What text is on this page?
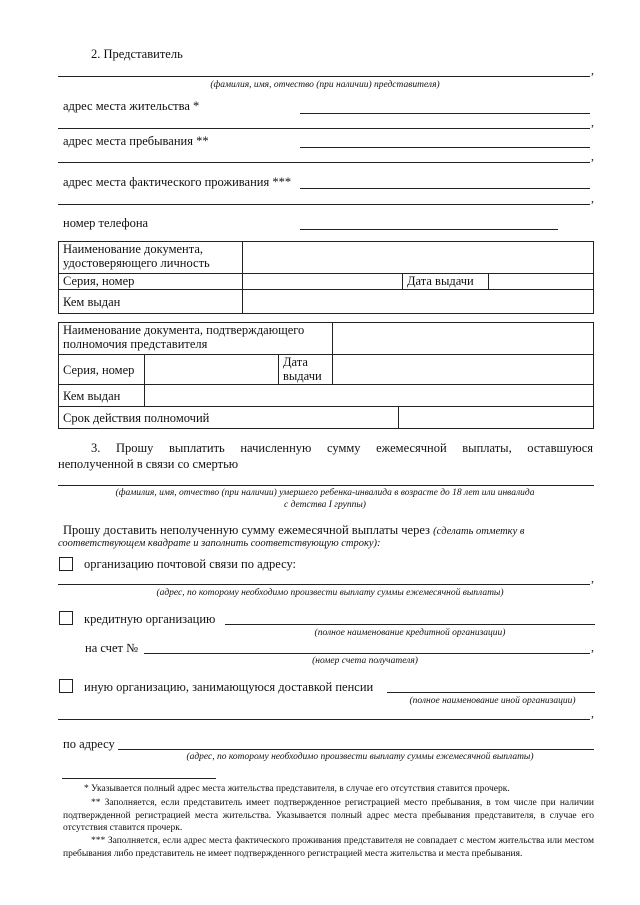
2. Представитель
,
(фамилия, имя, отчество (при наличии) представителя)
адрес места жительства *
,
адрес места пребывания **
,
адрес места фактического проживания ***
,
номер телефона
Наименование документа, удостоверяющего личность			
Серия, номер		Дата выдачи	
Кем выдан			
Наименование документа, подтверждающего полномочия представителя				
Серия, номер		Дата выдачи		
Кем выдан				
Срок действия полномочий				
3. Прошу выплатить начисленную сумму ежемесячной выплаты, оставшуюся
неполученной в связи со смертью
(фамилия, имя, отчество (при наличии) умершего ребенка-инвалида в возрасте до 18 лет или инвалида
с детства I группы)
Прошу доставить неполученную сумму ежемесячной выплаты через (сделать отметку в
соответствующем квадрате и заполнить соответствующую строку):
организацию почтовой связи по адресу:
,
(адрес, по которому необходимо произвести выплату суммы ежемесячной выплаты)
кредитную организацию
(полное наименование кредитной организации)
на счет №	,
(номер счета получателя)
иную организацию, занимающуюся доставкой пенсии
(полное наименование иной организации)
,
по адресу
(адрес, по которому необходимо произвести выплату суммы ежемесячной выплаты)
* Указывается полный адрес места жительства представителя, в случае его отсутствия ставится прочерк.
** Заполняется, если представитель имеет подтвержденное регистрацией место пребывания, в том числе при наличии подтвержденной регистрацией места жительства. Указывается полный адрес места пребывания представителя, в случае его отсутствия ставится прочерк.
*** Заполняется, если адрес места фактического проживания представителя не совпадает с местом жительства или местом пребывания либо представитель не имеет подтвержденного регистрацией места жительства и места пребывания.
